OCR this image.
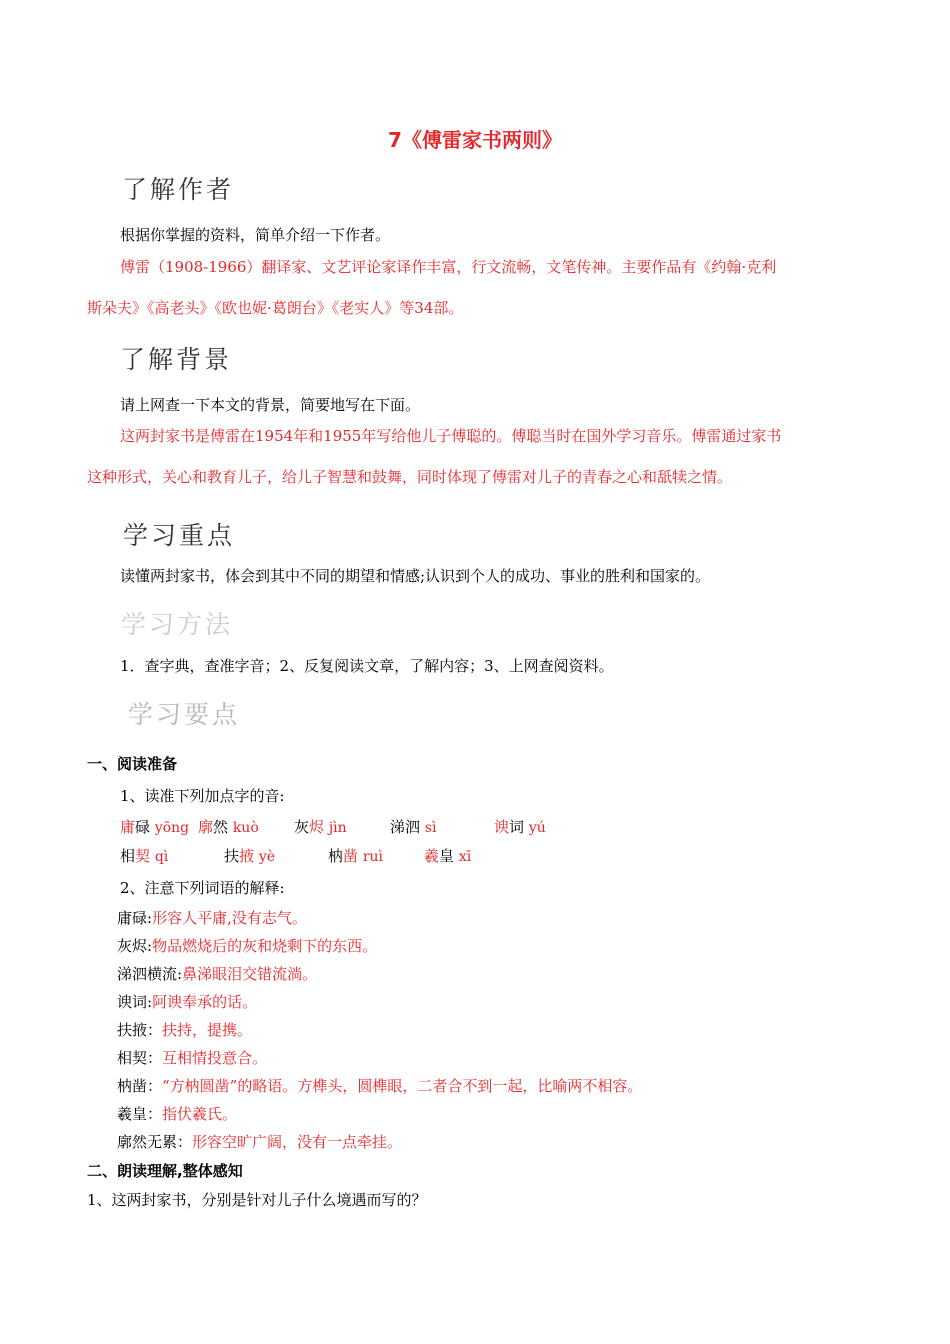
7《傅雷家书两则》
了解作者
根据你掌握的资料，简单介绍一下作者。
傅雷（1908-1966）翻译家、文艺评论家译作丰富，行文流畅，文笔传神。主要作品有《约翰·克利
斯朵夫》《高老头》《欧也妮·葛朗台》《老实人》等34部。
了解背景
请上网查一下本文的背景，简要地写在下面。
这两封家书是傅雷在1954年和1955年写给他儿子傅聪的。傅聪当时在国外学习音乐。傅雷通过家书
这种形式，关心和教育儿子，给儿子智慧和鼓舞，同时体现了傅雷对儿子的青春之心和舐犊之情。
学习重点
读懂两封家书，体会到其中不同的期望和情感;认识到个人的成功、事业的胜利和国家的。
学习方法
1．查字典，查准字音；2、反复阅读文章，了解内容；3、上网查阅资料。
学习要点
一、阅读准备
1、读准下列加点字的音:
庸碌 yōng 廓然 kuò 灰烬 jìn	涕泗 sì	谀词 yú
相契 qì	扶掖 yè	枘凿 ruì	羲皇 xī
2、注意下列词语的解释:
庸碌:形容人平庸,没有志气。
灰烬:物品燃烧后的灰和烧剩下的东西。
涕泗横流:鼻涕眼泪交错流淌。
谀词:阿谀奉承的话。
扶掖：扶持，提携。
相契：互相情投意合。
枘凿：“方枘圆凿”的略语。方榫头，圆榫眼，二者合不到一起，比喻两不相容。
羲皇：指伏羲氏。
廓然无累：形容空旷广阔，没有一点牵挂。
二、朗读理解,整体感知
1、这两封家书，分别是针对儿子什么境遇而写的？
